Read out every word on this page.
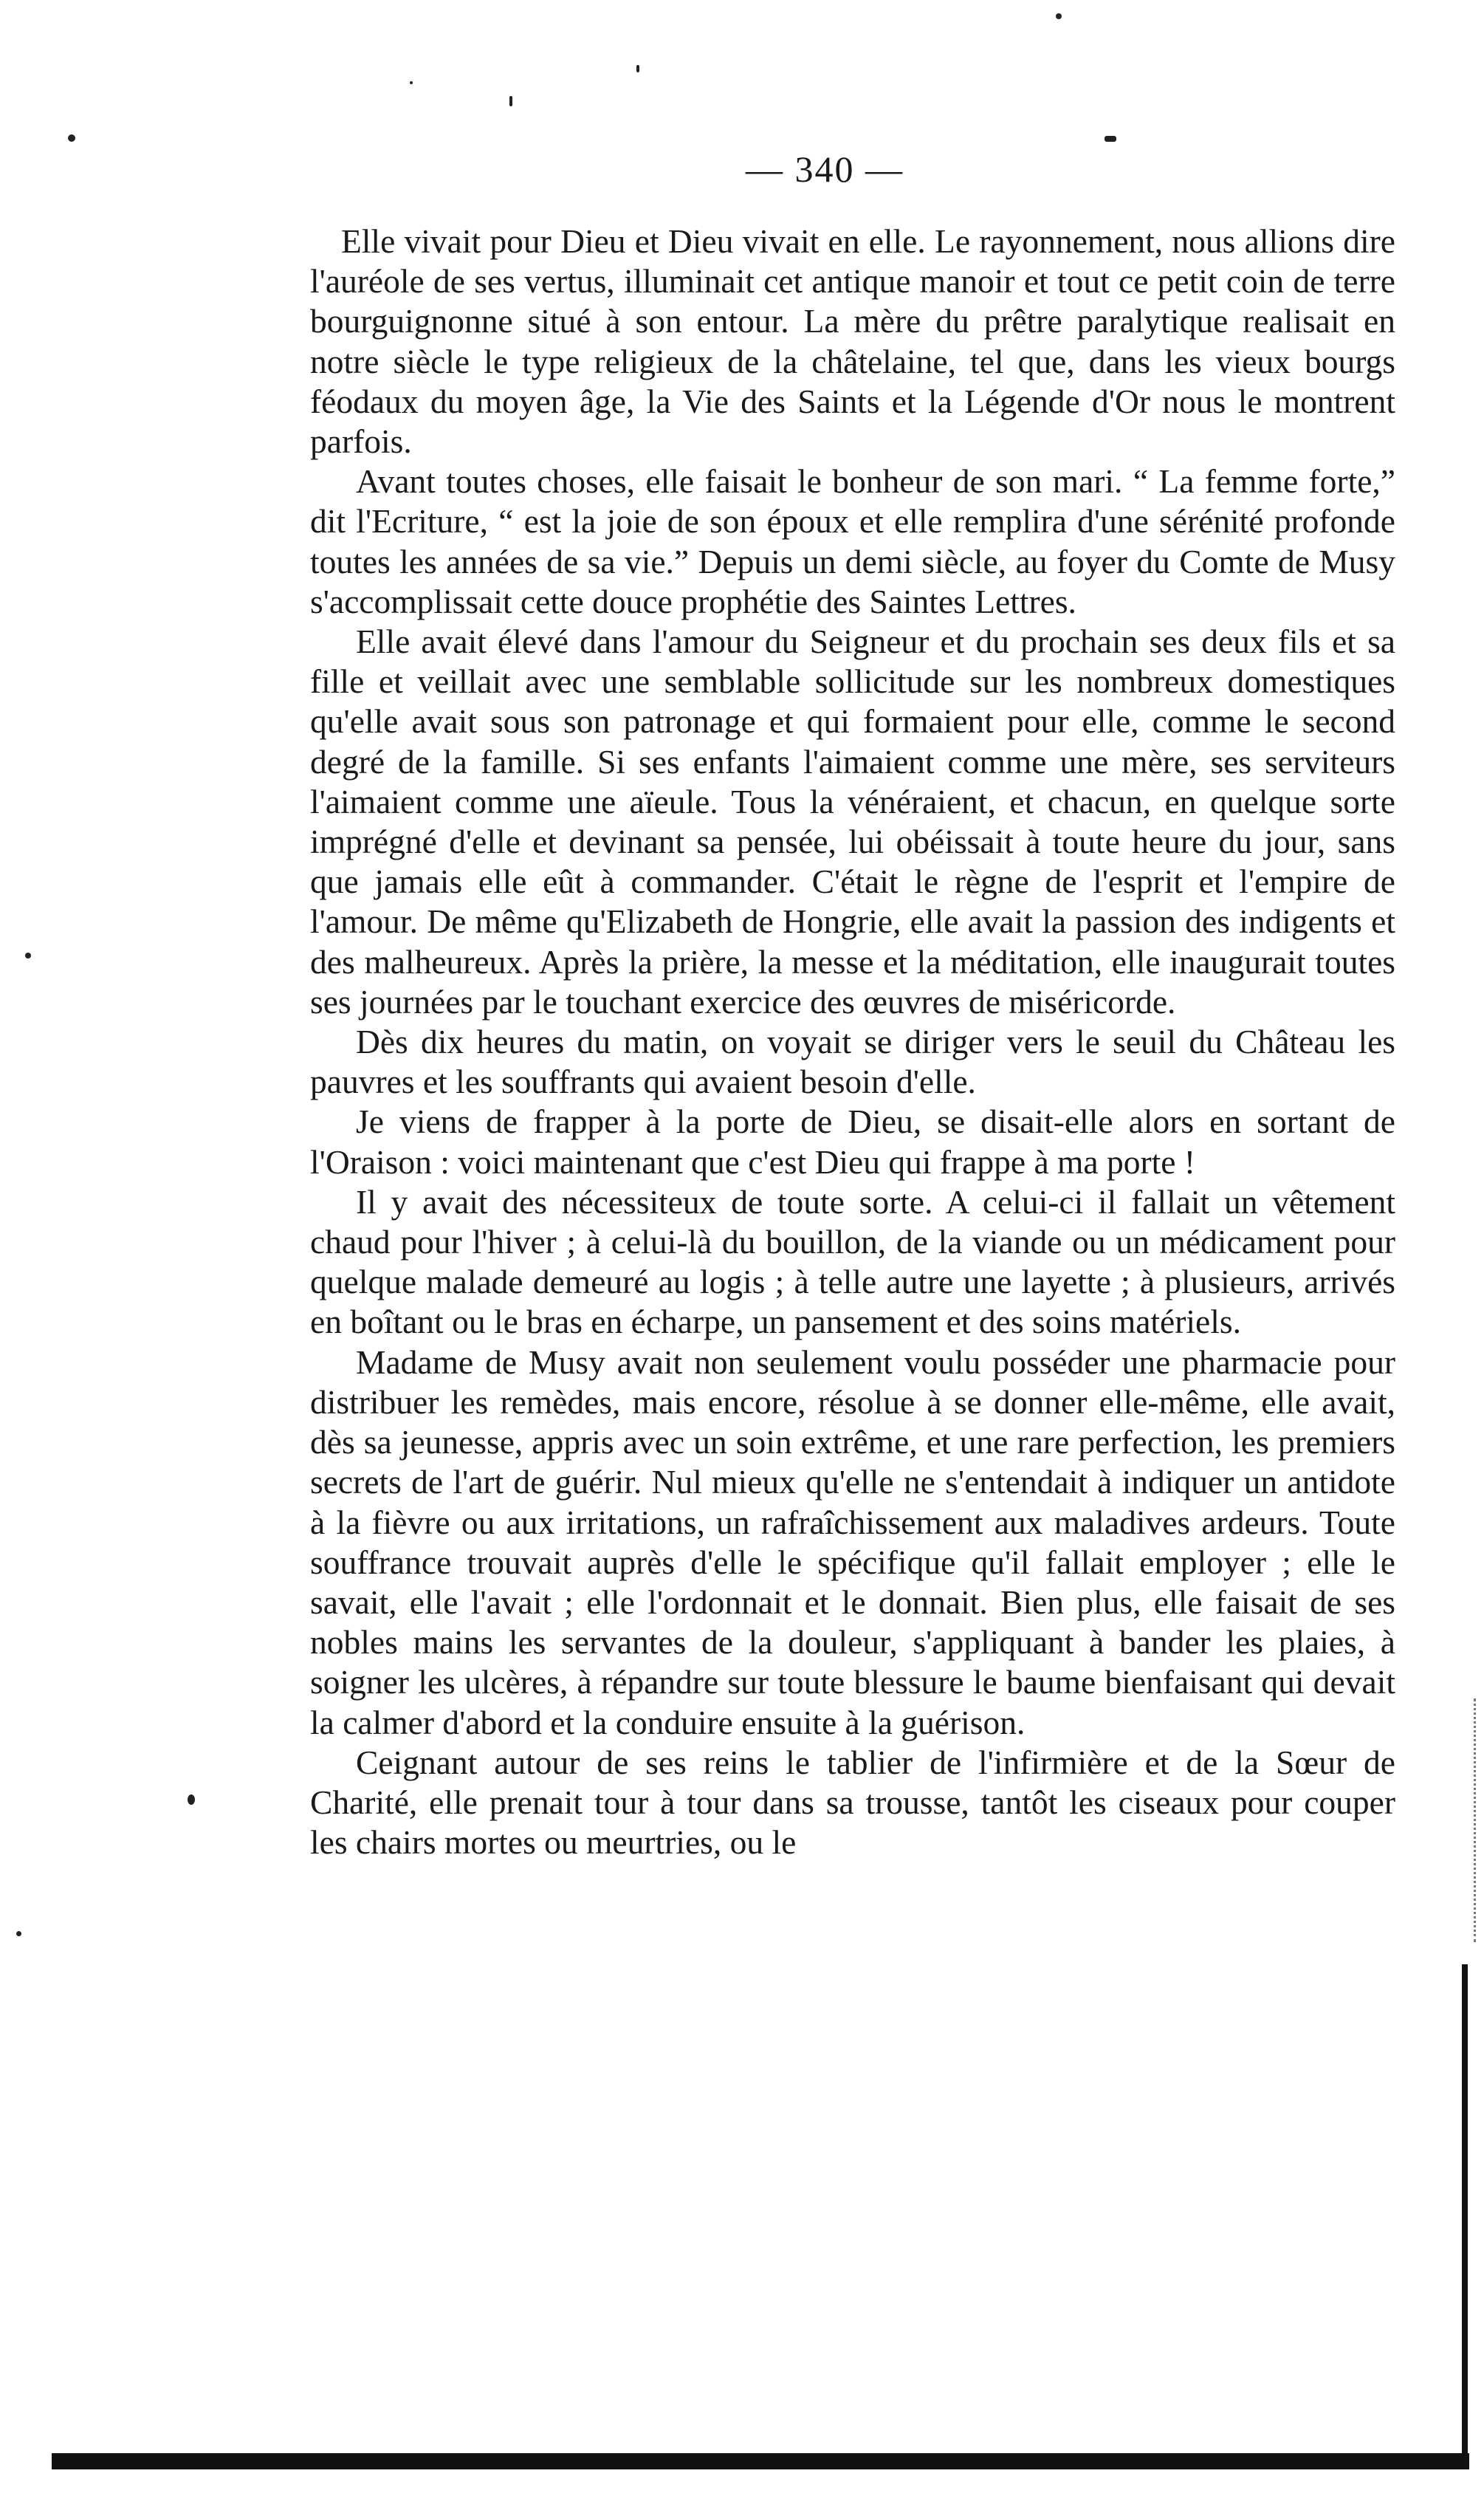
— 340 —

Elle vivait pour Dieu et Dieu vivait en elle. Le rayonnement, nous allions dire l'auréole de ses vertus, illuminait cet antique manoir et tout ce petit coin de terre bourguignonne situé à son entour. La mère du prêtre paralytique realisait en notre siècle le type religieux de la châtelaine, tel que, dans les vieux bourgs féodaux du moyen âge, la Vie des Saints et la Légende d'Or nous le montrent parfois.

Avant toutes choses, elle faisait le bonheur de son mari. “ La femme forte,” dit l'Ecriture, “ est la joie de son époux et elle remplira d'une sérénité profonde toutes les années de sa vie.” Depuis un demi siècle, au foyer du Comte de Musy s'accomplissait cette douce prophétie des Saintes Lettres.

Elle avait élevé dans l'amour du Seigneur et du prochain ses deux fils et sa fille et veillait avec une semblable sollicitude sur les nombreux domestiques qu'elle avait sous son patronage et qui formaient pour elle, comme le second degré de la famille. Si ses enfants l'aimaient comme une mère, ses serviteurs l'aimaient comme une aïeule. Tous la vénéraient, et chacun, en quelque sorte imprégné d'elle et devinant sa pensée, lui obéissait à toute heure du jour, sans que jamais elle eût à commander. C'était le règne de l'esprit et l'empire de l'amour. De même qu'Elizabeth de Hongrie, elle avait la passion des indigents et des malheureux. Après la prière, la messe et la méditation, elle inaugurait toutes ses journées par le touchant exercice des œuvres de miséricorde.

Dès dix heures du matin, on voyait se diriger vers le seuil du Château les pauvres et les souffrants qui avaient besoin d'elle.

Je viens de frapper à la porte de Dieu, se disait-elle alors en sortant de l'Oraison : voici maintenant que c'est Dieu qui frappe à ma porte !

Il y avait des nécessiteux de toute sorte. A celui-ci il fallait un vêtement chaud pour l'hiver ; à celui-là du bouillon, de la viande ou un médicament pour quelque malade demeuré au logis ; à telle autre une layette ; à plusieurs, arrivés en boîtant ou le bras en écharpe, un pansement et des soins matériels.

Madame de Musy avait non seulement voulu posséder une pharmacie pour distribuer les remèdes, mais encore, résolue à se donner elle-même, elle avait, dès sa jeunesse, appris avec un soin extrême, et une rare perfection, les premiers secrets de l'art de guérir. Nul mieux qu'elle ne s'entendait à indiquer un antidote à la fièvre ou aux irritations, un rafraîchissement aux maladives ardeurs. Toute souffrance trouvait auprès d'elle le spécifique qu'il fallait employer ; elle le savait, elle l'avait ; elle l'ordonnait et le donnait. Bien plus, elle faisait de ses nobles mains les servantes de la douleur, s'appliquant à bander les plaies, à soigner les ulcères, à répandre sur toute blessure le baume bienfaisant qui devait la calmer d'abord et la conduire ensuite à la guérison.

Ceignant autour de ses reins le tablier de l'infirmière et de la Sœur de Charité, elle prenait tour à tour dans sa trousse, tantôt les ciseaux pour couper les chairs mortes ou meurtries, ou le
